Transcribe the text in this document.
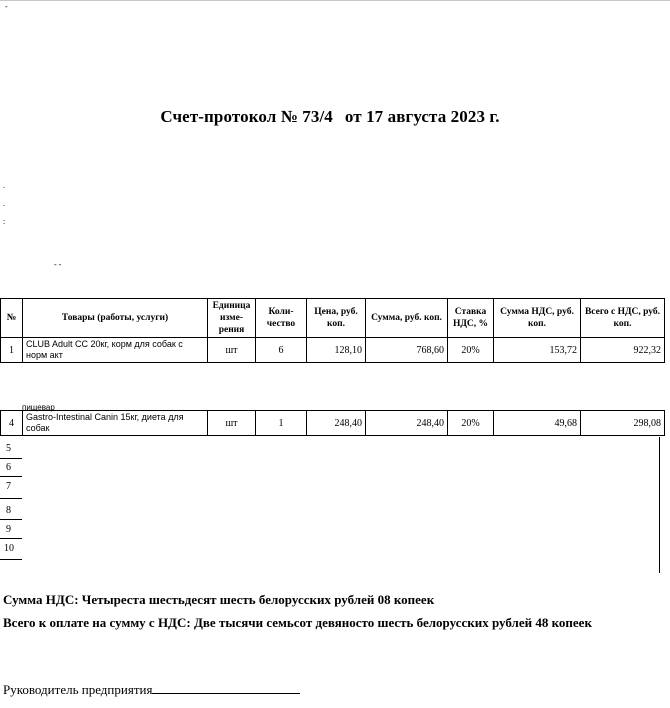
-
Счет-протокол № 73/4 от 17 августа 2023 г.
.
.
:
- -
№	Товары (работы, услуги)	Единица изме-рения	Коли-чество	Цена, руб. коп.	Сумма, руб. коп.	Ставка НДС, %	Сумма НДС, руб. коп.	Всего с НДС, руб. коп.
1	CLUB Adult CC 20кг, корм для собак с норм акт	шт	6	128,10	768,60	20%	153,72	922,32
пищевар
4	Gastro-Intestinal Canin 15кг, диета для собак	шт	1	248,40	248,40	20%	49,68	298,08
5
6
7
8
9
10
Сумма НДС: Четыреста шестьдесят шесть белорусских рублей 08 копеек
Всего к оплате на сумму с НДС: Две тысячи семьсот девяносто шесть белорусских рублей 48 копеек
Руководитель предприятия
